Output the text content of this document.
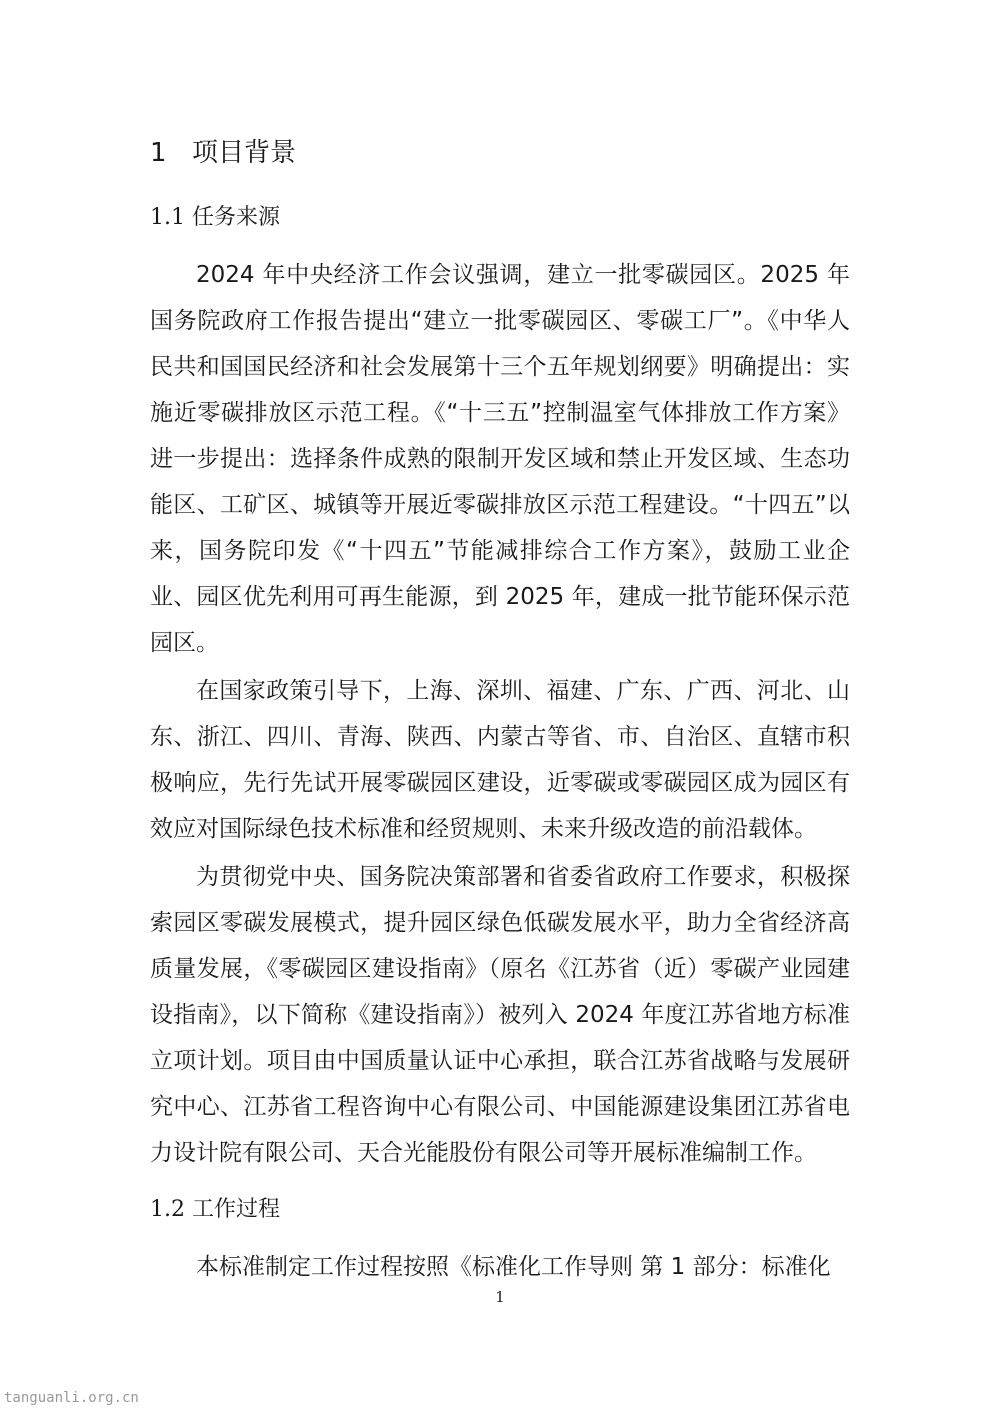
1 项目背景
1.1 任务来源

2024 年中央经济工作会议强调，建立一批零碳园区。2025 年国务院政府工作报告提出“建立一批零碳园区、零碳工厂”。《中华人民共和国国民经济和社会发展第十三个五年规划纲要》明确提出：实施近零碳排放区示范工程。《“十三五”控制温室气体排放工作方案》进一步提出：选择条件成熟的限制开发区域和禁止开发区域、生态功能区、工矿区、城镇等开展近零碳排放区示范工程建设。“十四五”以来，国务院印发《“十四五”节能减排综合工作方案》，鼓励工业企业、园区优先利用可再生能源，到 2025 年，建成一批节能环保示范园区。

在国家政策引导下，上海、深圳、福建、广东、广西、河北、山东、浙江、四川、青海、陕西、内蒙古等省、市、自治区、直辖市积极响应，先行先试开展零碳园区建设，近零碳或零碳园区成为园区有效应对国际绿色技术标准和经贸规则、未来升级改造的前沿载体。

为贯彻党中央、国务院决策部署和省委省政府工作要求，积极探索园区零碳发展模式，提升园区绿色低碳发展水平，助力全省经济高质量发展，《零碳园区建设指南》（原名《江苏省（近）零碳产业园建设指南》，以下简称《建设指南》）被列入 2024 年度江苏省地方标准立项计划。项目由中国质量认证中心承担，联合江苏省战略与发展研究中心、江苏省工程咨询中心有限公司、中国能源建设集团江苏省电力设计院有限公司、天合光能股份有限公司等开展标准编制工作。

1.2 工作过程

本标准制定工作过程按照《标准化工作导则 第 1 部分：标准化

1
tanguanli.org.cn
